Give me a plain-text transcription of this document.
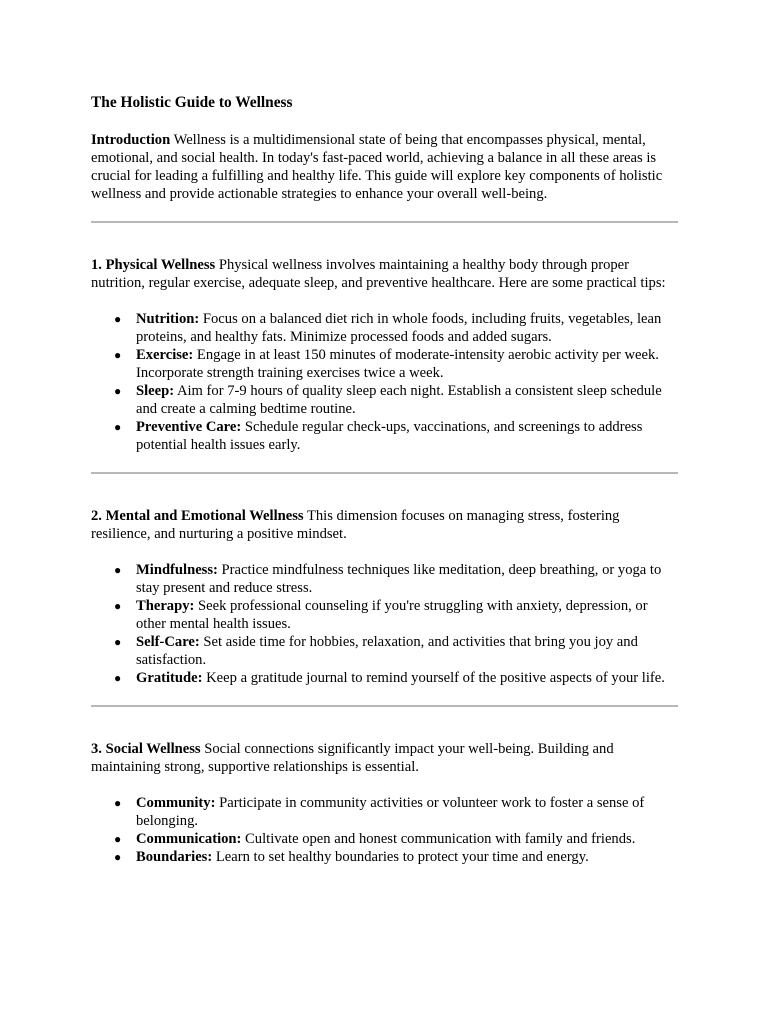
The Holistic Guide to Wellness

Introduction Wellness is a multidimensional state of being that encompasses physical, mental, emotional, and social health. In today's fast-paced world, achieving a balance in all these areas is crucial for leading a fulfilling and healthy life. This guide will explore key components of holistic wellness and provide actionable strategies to enhance your overall well-being.

1. Physical Wellness Physical wellness involves maintaining a healthy body through proper nutrition, regular exercise, adequate sleep, and preventive healthcare. Here are some practical tips:

● Nutrition: Focus on a balanced diet rich in whole foods, including fruits, vegetables, lean proteins, and healthy fats. Minimize processed foods and added sugars.
● Exercise: Engage in at least 150 minutes of moderate-intensity aerobic activity per week. Incorporate strength training exercises twice a week.
● Sleep: Aim for 7-9 hours of quality sleep each night. Establish a consistent sleep schedule and create a calming bedtime routine.
● Preventive Care: Schedule regular check-ups, vaccinations, and screenings to address potential health issues early.

2. Mental and Emotional Wellness This dimension focuses on managing stress, fostering resilience, and nurturing a positive mindset.

● Mindfulness: Practice mindfulness techniques like meditation, deep breathing, or yoga to stay present and reduce stress.
● Therapy: Seek professional counseling if you're struggling with anxiety, depression, or other mental health issues.
● Self-Care: Set aside time for hobbies, relaxation, and activities that bring you joy and satisfaction.
● Gratitude: Keep a gratitude journal to remind yourself of the positive aspects of your life.

3. Social Wellness Social connections significantly impact your well-being. Building and maintaining strong, supportive relationships is essential.

● Community: Participate in community activities or volunteer work to foster a sense of belonging.
● Communication: Cultivate open and honest communication with family and friends.
● Boundaries: Learn to set healthy boundaries to protect your time and energy.
